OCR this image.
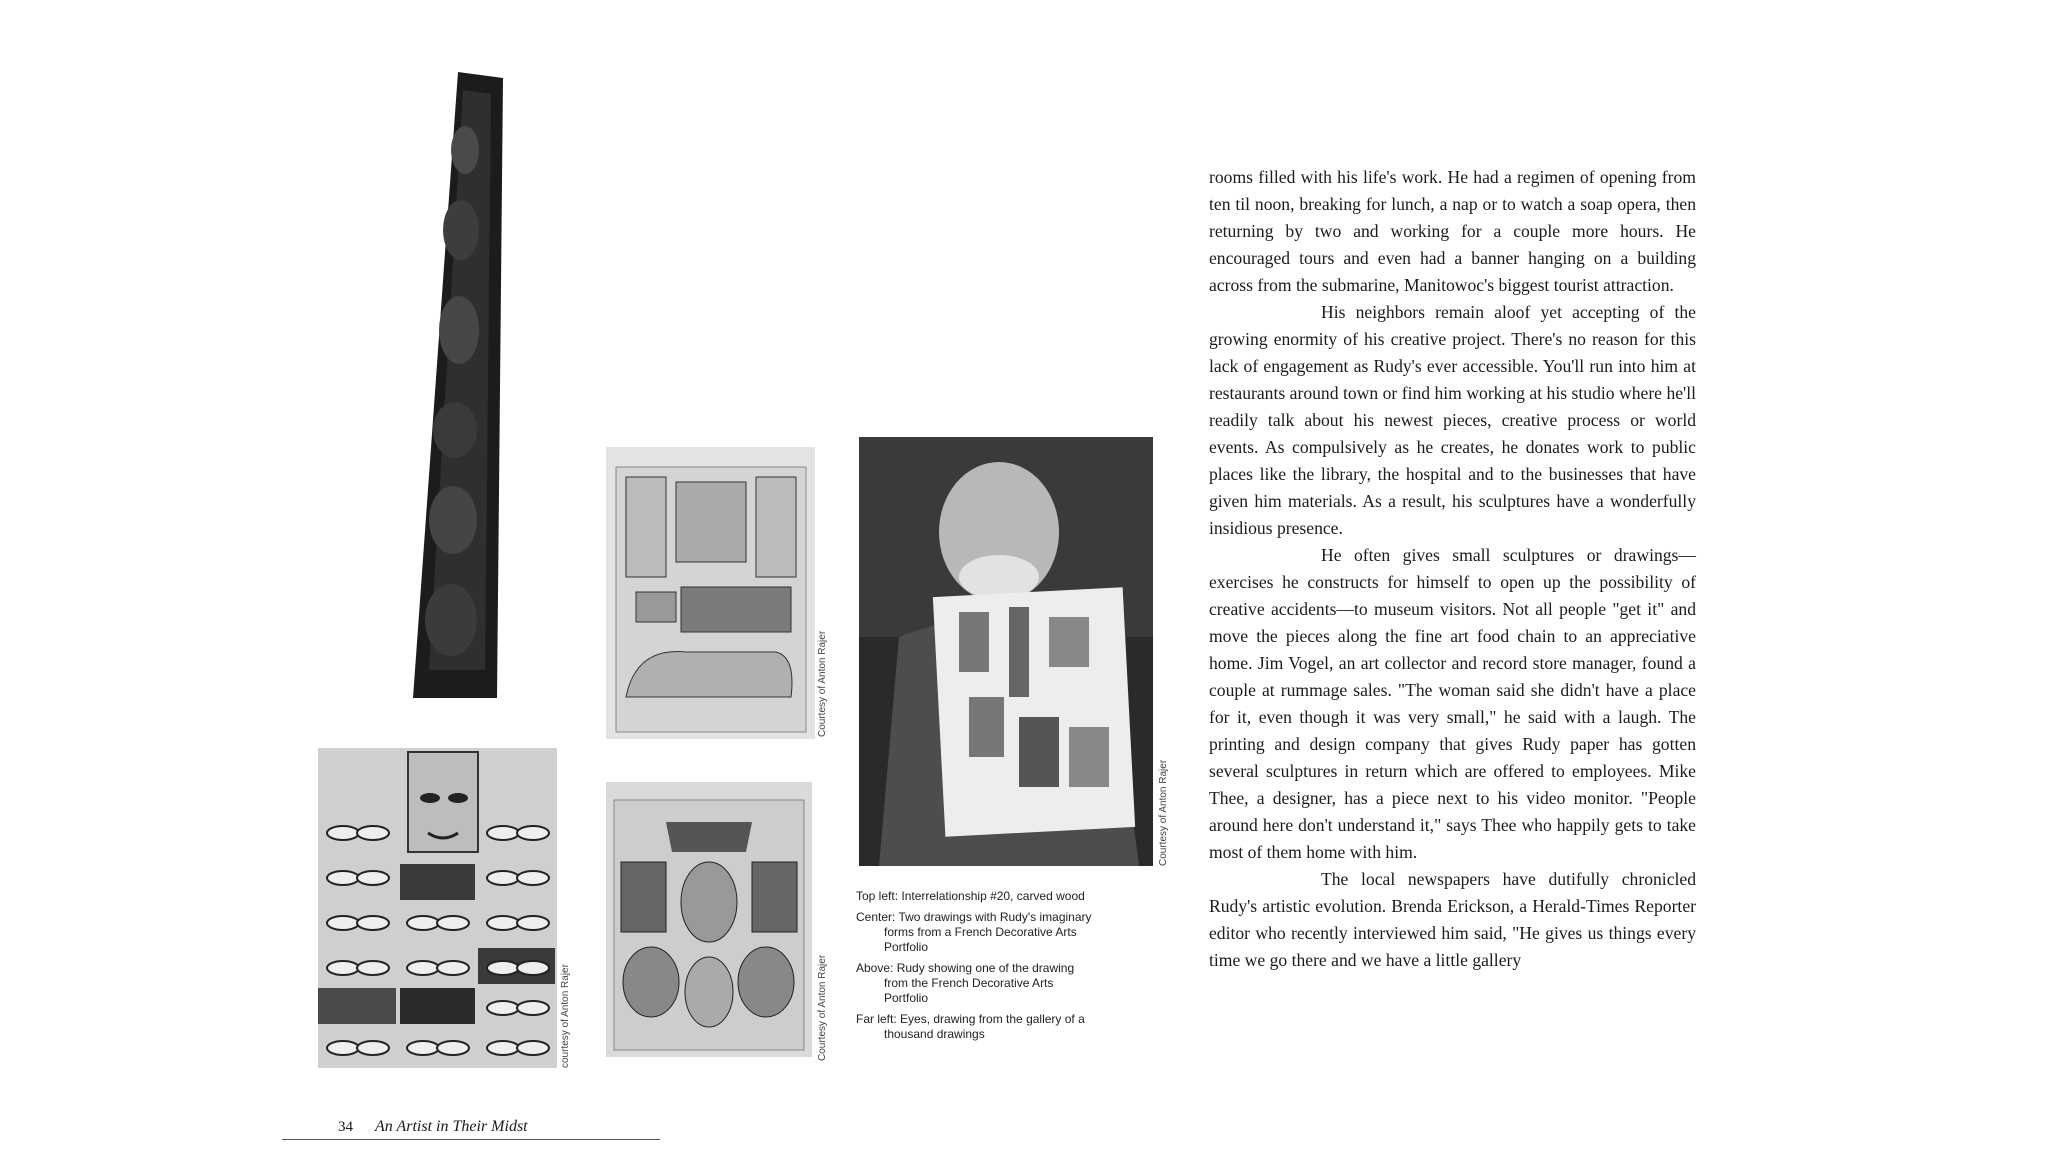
courtesy of Anton Rajer
Courtesy of Anton Rajer
Courtesy of Anton Rajer
Courtesy of Anton Rajer

Top left: Interrelationship #20, carved wood

Center: Two drawings with Rudy's imaginary forms from a French Decorative Arts Portfolio

Above: Rudy showing one of the drawing from the French Decorative Arts Portfolio

Far left: Eyes, drawing from the gallery of a thousand drawings

rooms filled with his life's work. He had a regimen of opening from ten til noon, breaking for lunch, a nap or to watch a soap opera, then returning by two and working for a couple more hours. He encouraged tours and even had a banner hanging on a building across from the submarine, Manitowoc's biggest tourist attraction.

His neighbors remain aloof yet accepting of the growing enormity of his creative project. There's no reason for this lack of engagement as Rudy's ever accessible. You'll run into him at restaurants around town or find him working at his studio where he'll readily talk about his newest pieces, creative process or world events. As compulsively as he creates, he donates work to public places like the library, the hospital and to the businesses that have given him materials. As a result, his sculptures have a wonderfully insidious presence.

He often gives small sculptures or drawings—exercises he constructs for himself to open up the possibility of creative accidents—to museum visitors. Not all people "get it" and move the pieces along the fine art food chain to an appreciative home. Jim Vogel, an art collector and record store manager, found a couple at rummage sales. "The woman said she didn't have a place for it, even though it was very small," he said with a laugh. The printing and design company that gives Rudy paper has gotten several sculptures in return which are offered to employees. Mike Thee, a designer, has a piece next to his video monitor. "People around here don't understand it," says Thee who happily gets to take most of them home with him.

The local newspapers have dutifully chronicled Rudy's artistic evolution. Brenda Erickson, a Herald-Times Reporter editor who recently interviewed him said, "He gives us things every time we go there and we have a little gallery

34 An Artist in Their Midst
